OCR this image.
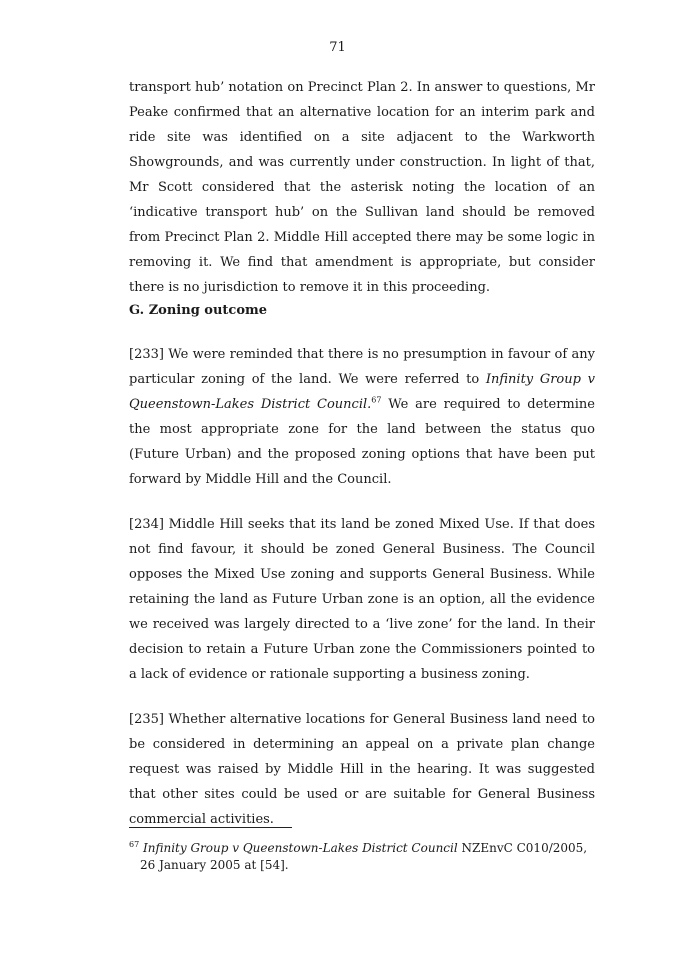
71

transport hub’ notation on Precinct Plan 2. In answer to questions, Mr Peake confirmed that an alternative location for an interim park and ride site was identified on a site adjacent to the Warkworth Showgrounds, and was currently under construction. In light of that, Mr Scott considered that the asterisk noting the location of an ‘indicative transport hub’ on the Sullivan land should be removed from Precinct Plan 2. Middle Hill accepted there may be some logic in removing it. We find that amendment is appropriate, but consider there is no jurisdiction to remove it in this proceeding.

G. Zoning outcome

[233] We were reminded that there is no presumption in favour of any particular zoning of the land. We were referred to Infinity Group v Queenstown-Lakes District Council.$^{67}$ We are required to determine the most appropriate zone for the land between the status quo (Future Urban) and the proposed zoning options that have been put forward by Middle Hill and the Council.

[234] Middle Hill seeks that its land be zoned Mixed Use. If that does not find favour, it should be zoned General Business. The Council opposes the Mixed Use zoning and supports General Business. While retaining the land as Future Urban zone is an option, all the evidence we received was largely directed to a ‘live zone’ for the land. In their decision to retain a Future Urban zone the Commissioners pointed to a lack of evidence or rationale supporting a business zoning.

[235] Whether alternative locations for General Business land need to be considered in determining an appeal on a private plan change request was raised by Middle Hill in the hearing. It was suggested that other sites could be used or are suitable for General Business commercial activities.

$^{67}$ Infinity Group v Queenstown-Lakes District Council NZEnvC C010/2005, 26 January 2005 at [54].
